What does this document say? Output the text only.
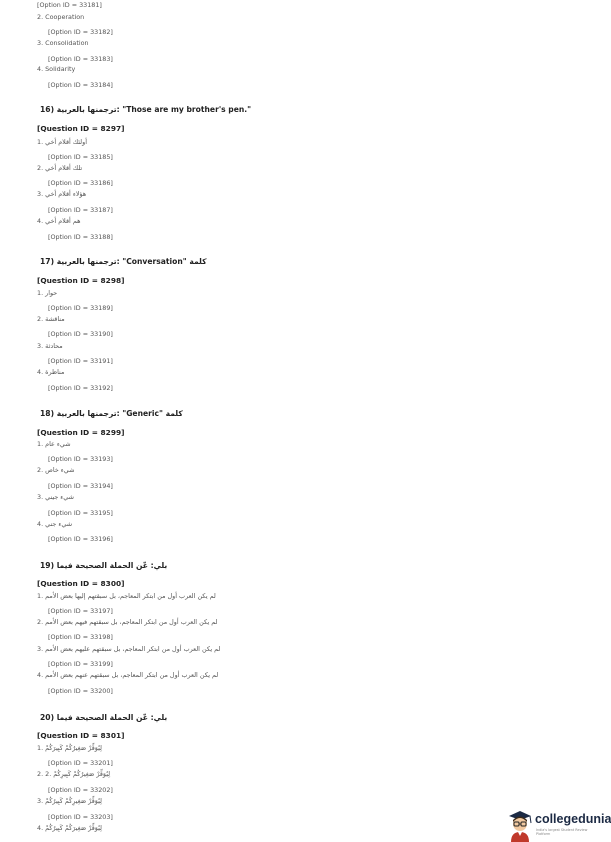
[Option ID = 33181]
2. Cooperation
[Option ID = 33182]
3. Consolidation
[Option ID = 33183]
4. Solidarity
[Option ID = 33184]
16) ترجمنها بالعربية: "Those are my brother's pen."
[Question ID = 8297]
أولئك أقلام أخي .1
[Option ID = 33185]
تلك أقلام أخي .2
[Option ID = 33186]
هؤلاء أقلام أخي .3
[Option ID = 33187]
هم أقلام أخي .4
[Option ID = 33188]
17) ترجمنها بالعربية: "Conversation" كلمة
[Question ID = 8298]
حوار .1
[Option ID = 33189]
مناقشة .2
[Option ID = 33190]
محادثة .3
[Option ID = 33191]
مناظرة .4
[Option ID = 33192]
18) ترجمنها بالعربية: "Generic" كلمة
[Question ID = 8299]
شيء عام .1
[Option ID = 33193]
شيء خاص .2
[Option ID = 33194]
شيء جيني .3
[Option ID = 33195]
شيء جني .4
[Option ID = 33196]
19) بلي: عّن الحملة الصحيحة فيما
[Question ID = 8300]
لم يكن العرب أول من ابتكر المعاجم، بل سبقتهم إليها بعض الأمم .1
[Option ID = 33197]
لم يكن العرب أول من ابتكر المعاجم، بل سبقتهم فيهم بعض الأمم .2
[Option ID = 33198]
لم يكن العرب أول من ابتكر المعاجم، بل سبقتهم عليهم بعض الأمم .3
[Option ID = 33199]
لم يكن العرب أول من ابتكر المعاجم، بل سبقتهم عنهم بعض الأمم .4
[Option ID = 33200]
20) بلي: عّن الحملة الصحيحة فيما
[Question ID = 8301]
لِيُوَقِّرْ صَغِيرُكُمْ كَبِيرَكُمْ .1
[Option ID = 33201]
2. لِيُوَقِّرْ صَغِيرُكُمْ كَبِيرِكُمْ .2
[Option ID = 33202]
لِيُوَقِّرْ صَغِيرِكُمْ كَبِيرُكُمْ .3
[Option ID = 33203]
لِيُوَقِّرْ صَغِيرَكُمْ كَبِيرُكُمْ .4
collegedunia
India's largest Student Review Platform
